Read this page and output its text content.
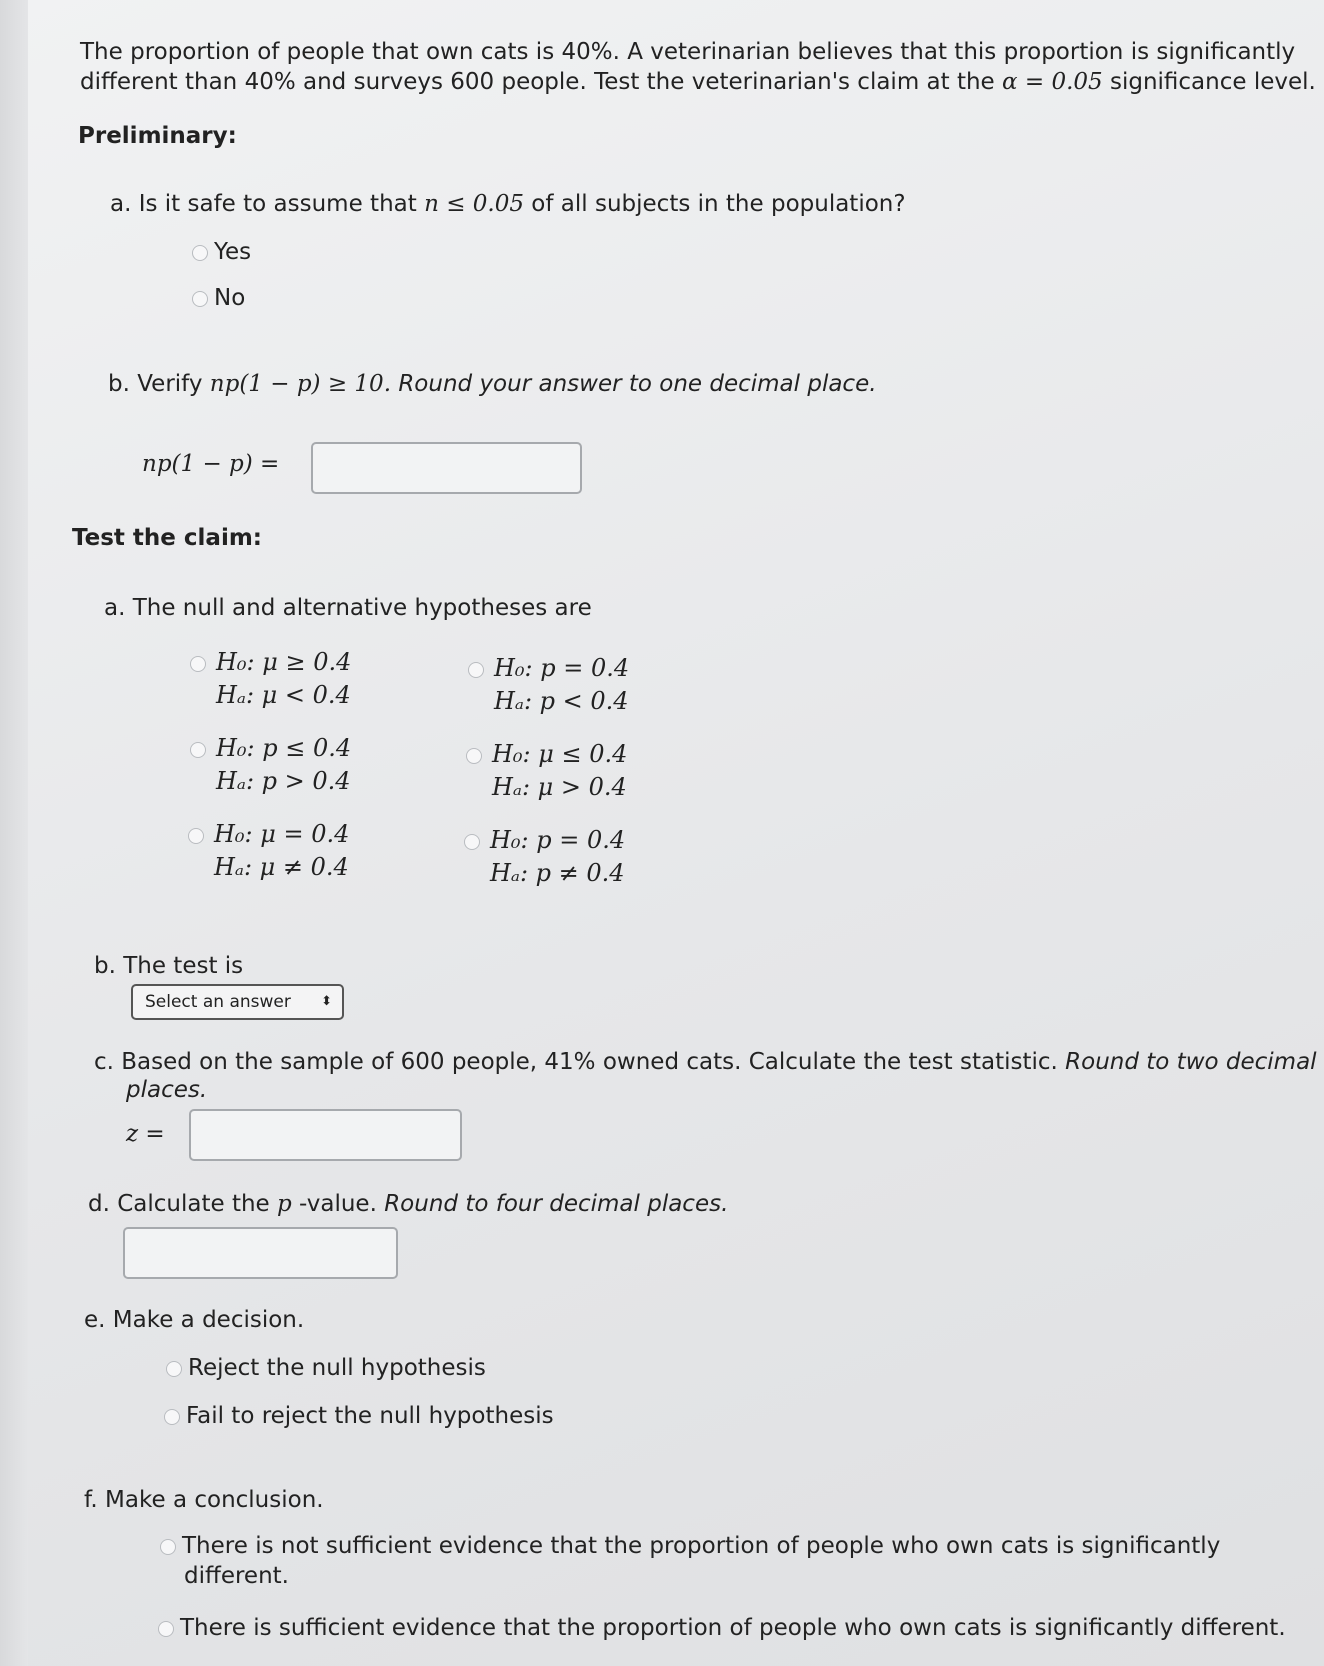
The proportion of people that own cats is 40%. A veterinarian believes that this proportion is significantly
different than 40% and surveys 600 people. Test the veterinarian's claim at the α = 0.05 significance level.
Preliminary:
a. Is it safe to assume that n ≤ 0.05 of all subjects in the population?
Yes
No
b. Verify np(1 − p) ≥ 10. Round your answer to one decimal place.
np(1 − p) =
Test the claim:
a. The null and alternative hypotheses are
H₀: μ ≥ 0.4
Hₐ: μ < 0.4
H₀: p = 0.4
Hₐ: p < 0.4
H₀: p ≤ 0.4
Hₐ: p > 0.4
H₀: μ ≤ 0.4
Hₐ: μ > 0.4
H₀: μ = 0.4
Hₐ: μ ≠ 0.4
H₀: p = 0.4
Hₐ: p ≠ 0.4
b. The test is
Select an answer ⬍
c. Based on the sample of 600 people, 41% owned cats. Calculate the test statistic. Round to two decimal
places.
z =
d. Calculate the p -value. Round to four decimal places.
e. Make a decision.
Reject the null hypothesis
Fail to reject the null hypothesis
f. Make a conclusion.
There is not sufficient evidence that the proportion of people who own cats is significantly
different.
There is sufficient evidence that the proportion of people who own cats is significantly different.
